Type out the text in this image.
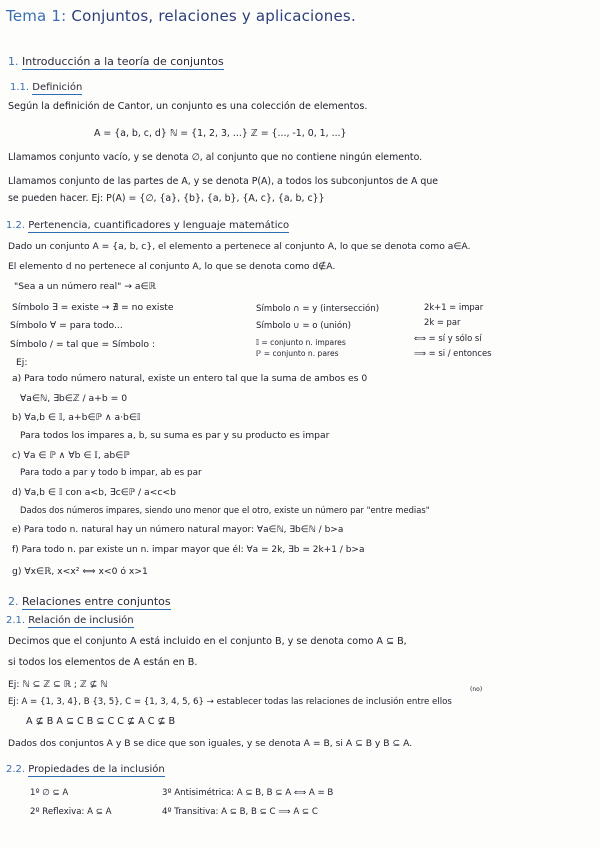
Tema 1: Conjuntos, relaciones y aplicaciones.
1. Introducción a la teoría de conjuntos
1.1. Definición
Según la definición de Cantor, un conjunto es una colección de elementos.
A = {a, b, c, d} ℕ = {1, 2, 3, ...} ℤ = {..., -1, 0, 1, ...}
Llamamos conjunto vacío, y se denota ∅, al conjunto que no contiene ningún elemento.
Llamamos conjunto de las partes de A, y se denota P(A), a todos los subconjuntos de A que
se pueden hacer. Ej: P(A) = {∅, {a}, {b}, {a, b}, {A, c}, {a, b, c}}
1.2. Pertenencia, cuantificadores y lenguaje matemático
Dado un conjunto A = {a, b, c}, el elemento a pertenece al conjunto A, lo que se denota como a∈A.
El elemento d no pertenece al conjunto A, lo que se denota como d∉A.
"Sea a un número real" → a∈ℝ
Símbolo ∃ = existe → ∄ = no existe
Símbolo ∀ = para todo...
Símbolo / = tal que = Símbolo :
Símbolo ∩ = y (intersección)
Símbolo ∪ = o (unión)
𝕀 = conjunto n. impares
ℙ = conjunto n. pares
2k+1 = impar
2k = par
⟺ = sí y sólo sí
⟹ = si / entonces
Ej:
a) Para todo número natural, existe un entero tal que la suma de ambos es 0
∀a∈ℕ, ∃b∈ℤ / a+b = 0
b) ∀a,b ∈ 𝕀, a+b∈ℙ ∧ a·b∈𝕀
Para todos los impares a, b, su suma es par y su producto es impar
c) ∀a ∈ ℙ ∧ ∀b ∈ 𝕀, ab∈ℙ
Para todo a par y todo b impar, ab es par
d) ∀a,b ∈ 𝕀 con a<b, ∃c∈ℙ / a<c<b
Dados dos números impares, siendo uno menor que el otro, existe un número par "entre medias"
e) Para todo n. natural hay un número natural mayor: ∀a∈ℕ, ∃b∈ℕ / b>a
f) Para todo n. par existe un n. impar mayor que él: ∀a = 2k, ∃b = 2k+1 / b>a
g) ∀x∈ℝ, x<x² ⟺ x<0 ó x>1
2. Relaciones entre conjuntos
2.1. Relación de inclusión
Decimos que el conjunto A está incluido en el conjunto B, y se denota como A ⊆ B,
si todos los elementos de A están en B.
Ej: ℕ ⊆ ℤ ⊆ ℝ ; ℤ ⊈ ℕ	(no)
Ej: A = {1, 3, 4}, B {3, 5}, C = {1, 3, 4, 5, 6} → establecer todas las relaciones de inclusión entre ellos
A ⊈ B A ⊆ C B ⊆ C C ⊈ A C ⊈ B
Dados dos conjuntos A y B se dice que son iguales, y se denota A = B, si A ⊆ B y B ⊆ A.
2.2. Propiedades de la inclusión
1º ∅ ⊆ A
2º Reflexiva: A ⊆ A
3º Antisimétrica: A ⊆ B, B ⊆ A ⟺ A = B
4º Transitiva: A ⊆ B, B ⊆ C ⟹ A ⊆ C
